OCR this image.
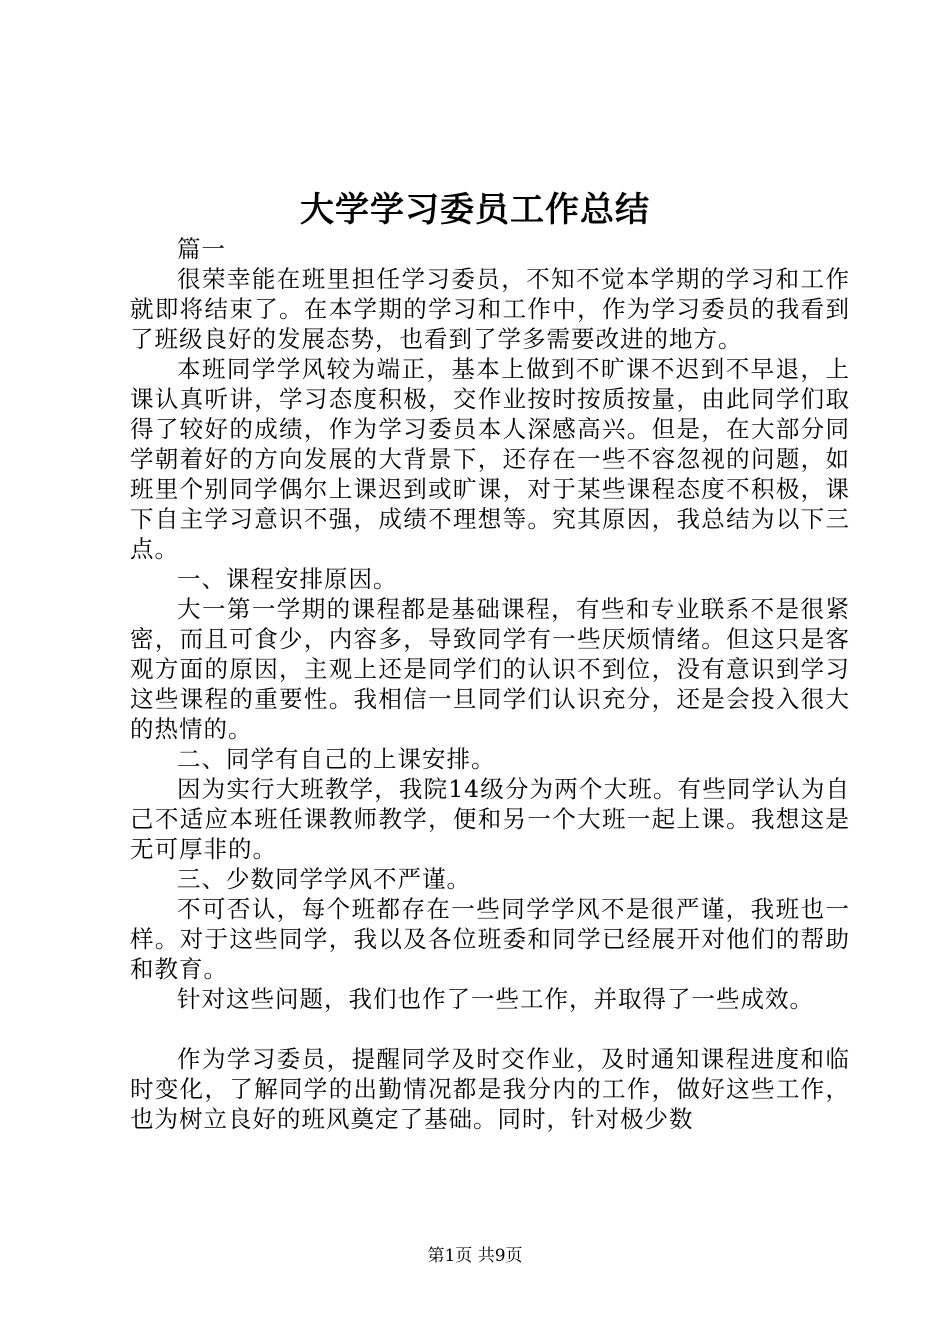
大学学习委员工作总结

篇一

很荣幸能在班里担任学习委员，不知不觉本学期的学习和工作就即将结束了。在本学期的学习和工作中，作为学习委员的我看到了班级良好的发展态势，也看到了学多需要改进的地方。

本班同学学风较为端正，基本上做到不旷课不迟到不早退，上课认真听讲，学习态度积极，交作业按时按质按量，由此同学们取得了较好的成绩，作为学习委员本人深感高兴。但是，在大部分同学朝着好的方向发展的大背景下，还存在一些不容忽视的问题，如班里个别同学偶尔上课迟到或旷课，对于某些课程态度不积极，课下自主学习意识不强，成绩不理想等。究其原因，我总结为以下三点。

一、课程安排原因。

大一第一学期的课程都是基础课程，有些和专业联系不是很紧密，而且可食少，内容多，导致同学有一些厌烦情绪。但这只是客观方面的原因，主观上还是同学们的认识不到位，没有意识到学习这些课程的重要性。我相信一旦同学们认识充分，还是会投入很大的热情的。

二、同学有自己的上课安排。

因为实行大班教学，我院14级分为两个大班。有些同学认为自己不适应本班任课教师教学，便和另一个大班一起上课。我想这是无可厚非的。

三、少数同学学风不严谨。

不可否认，每个班都存在一些同学学风不是很严谨，我班也一样。对于这些同学，我以及各位班委和同学已经展开对他们的帮助和教育。

针对这些问题，我们也作了一些工作，并取得了一些成效。

作为学习委员，提醒同学及时交作业，及时通知课程进度和临时变化，了解同学的出勤情况都是我分内的工作，做好这些工作，也为树立良好的班风奠定了基础。同时，针对极少数

第1页 共9页
